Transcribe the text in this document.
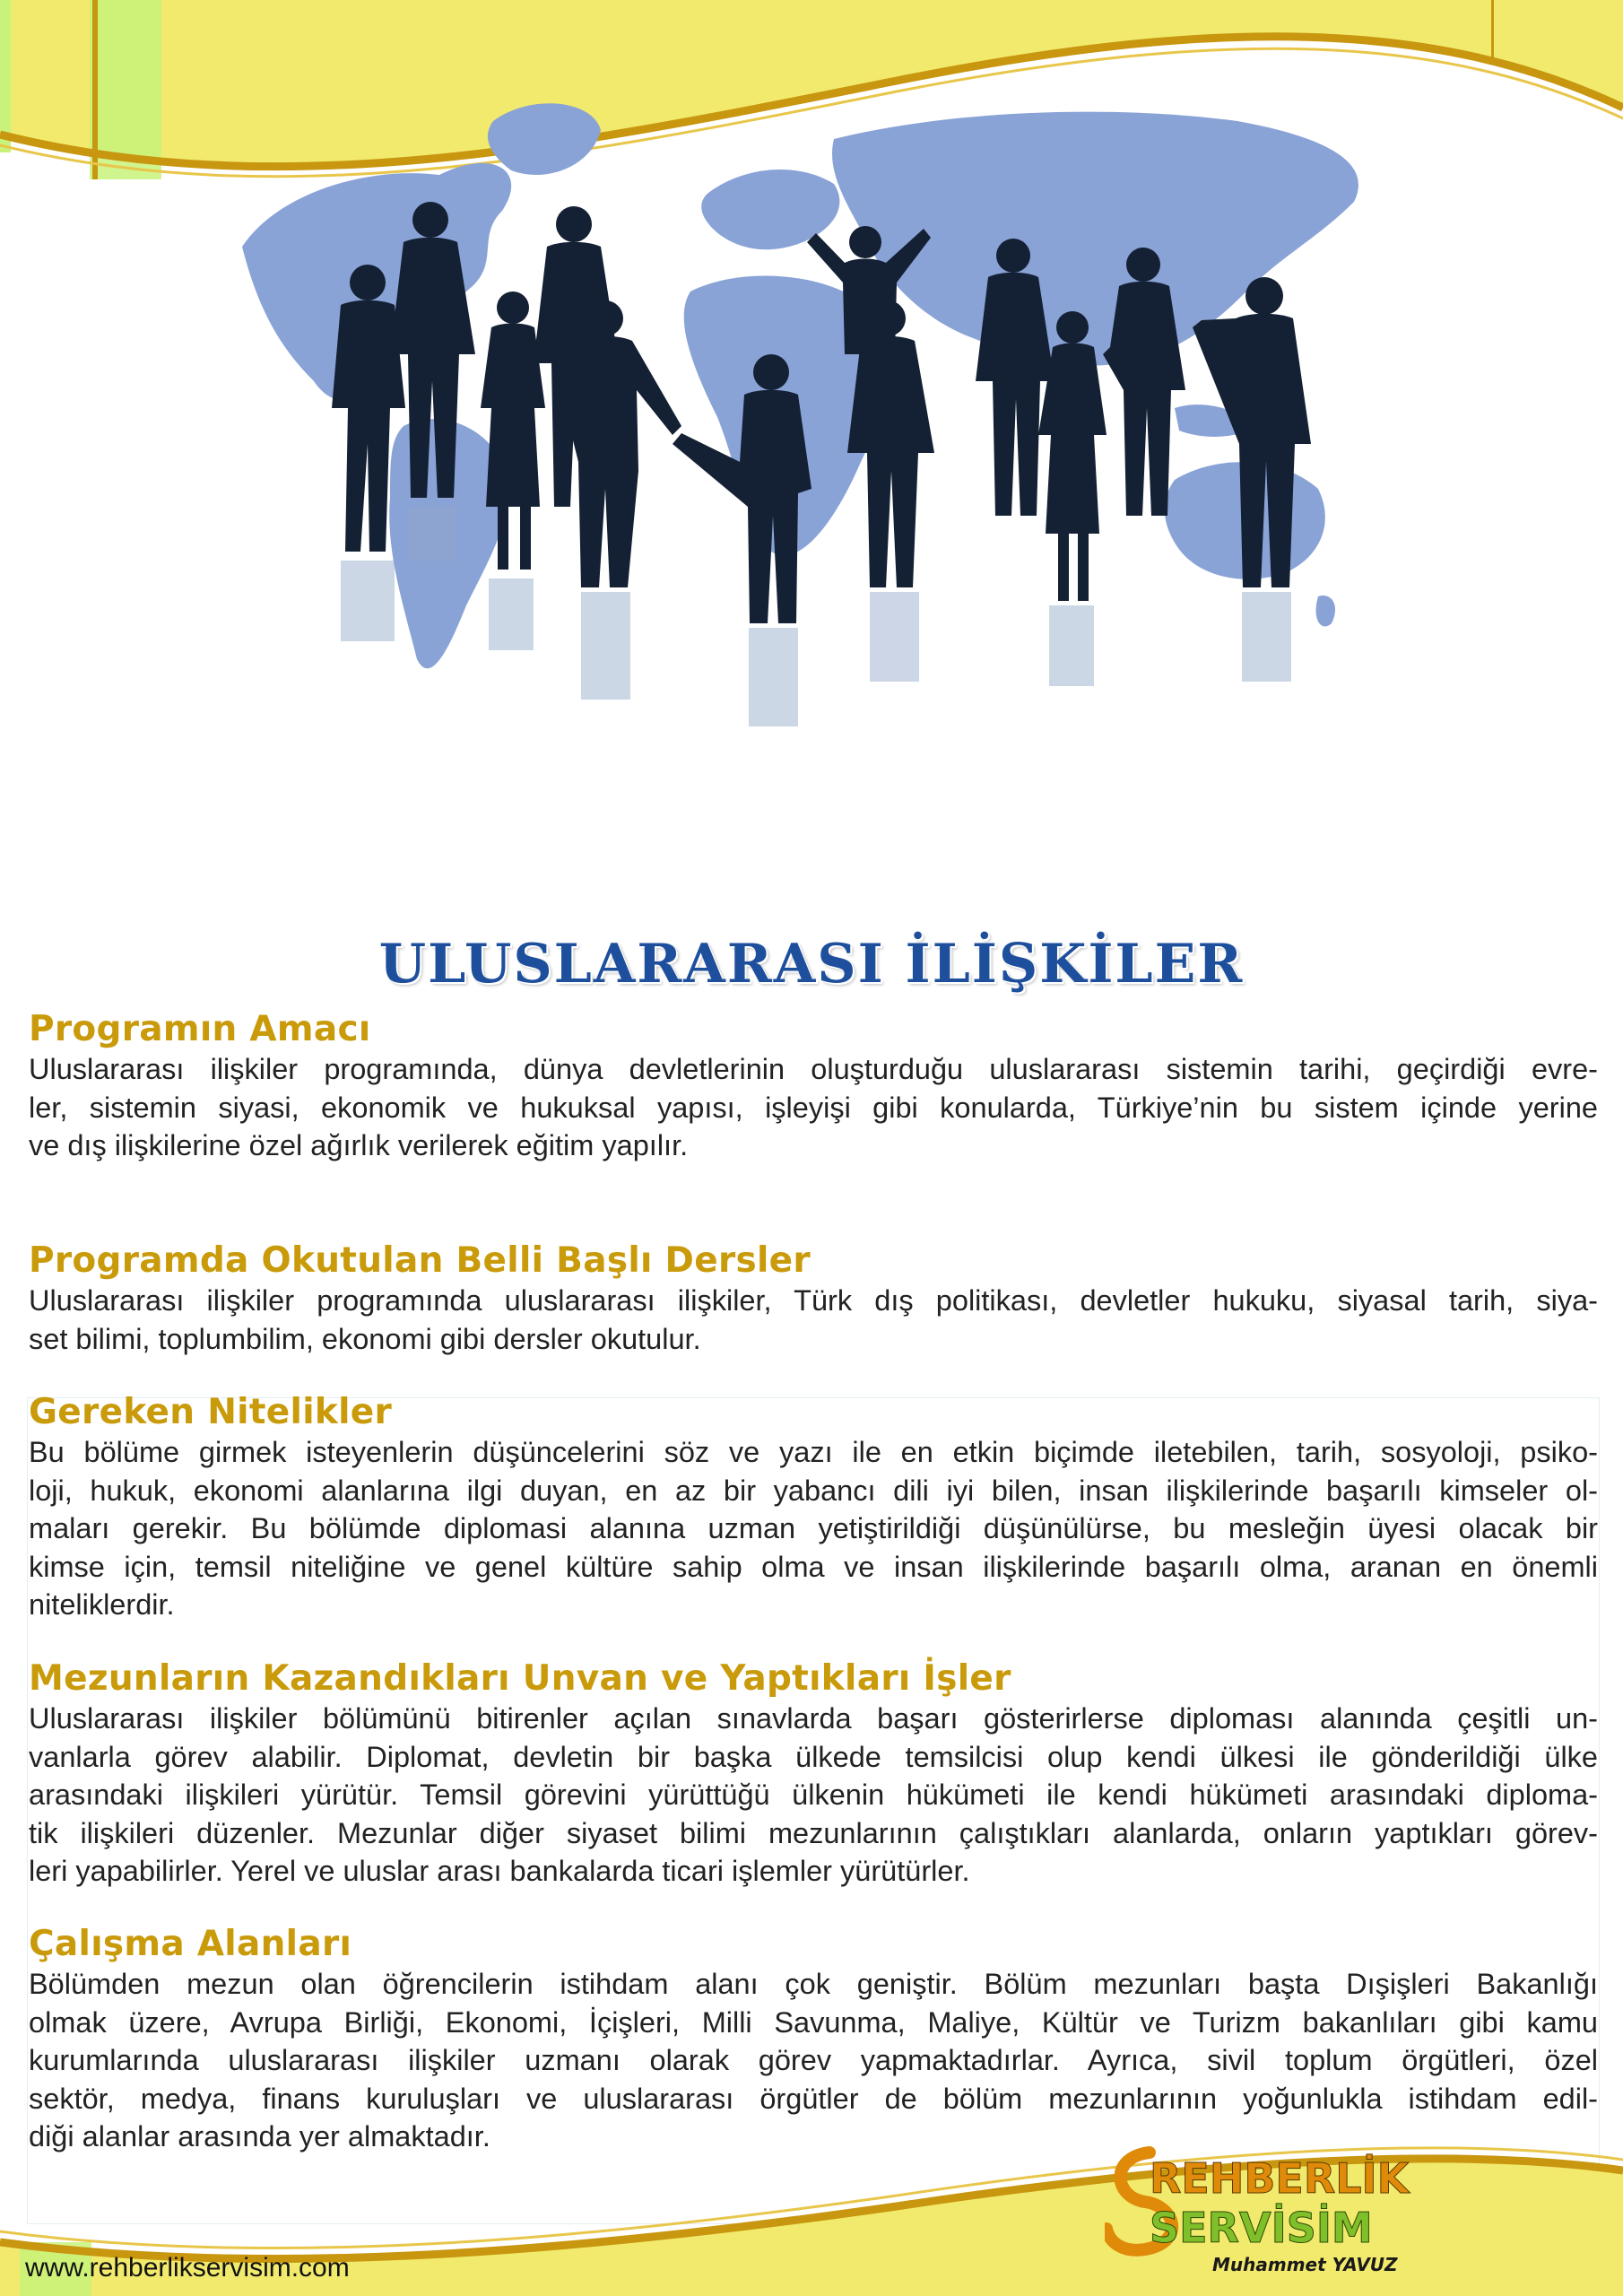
ULUSLARARASI İLİŞKİLER
Programın Amacı

Uluslararası ilişkiler programında, dünya devletlerinin oluşturduğu uluslararası sistemin tarihi, geçirdiği evre-
ler, sistemin siyasi, ekonomik ve hukuksal yapısı, işleyişi gibi konularda, Türkiye’nin bu sistem içinde yerine
ve dış ilişkilerine özel ağırlık verilerek eğitim yapılır.

Programda Okutulan Belli Başlı Dersler

Uluslararası ilişkiler programında uluslararası ilişkiler, Türk dış politikası, devletler hukuku, siyasal tarih, siya-
set bilimi, toplumbilim, ekonomi gibi dersler okutulur.

Gereken Nitelikler

Bu bölüme girmek isteyenlerin düşüncelerini söz ve yazı ile en etkin biçimde iletebilen, tarih, sosyoloji, psiko-
loji, hukuk, ekonomi alanlarına ilgi duyan, en az bir yabancı dili iyi bilen, insan ilişkilerinde başarılı kimseler ol-
maları gerekir. Bu bölümde diplomasi alanına uzman yetiştirildiği düşünülürse, bu mesleğin üyesi olacak bir
kimse için, temsil niteliğine ve genel kültüre sahip olma ve insan ilişkilerinde başarılı olma, aranan en önemli
niteliklerdir.

Mezunların Kazandıkları Unvan ve Yaptıkları İşler

Uluslararası ilişkiler bölümünü bitirenler açılan sınavlarda başarı gösterirlerse diploması alanında çeşitli un-
vanlarla görev alabilir. Diplomat, devletin bir başka ülkede temsilcisi olup kendi ülkesi ile gönderildiği ülke
arasındaki ilişkileri yürütür. Temsil görevini yürüttüğü ülkenin hükümeti ile kendi hükümeti arasındaki diploma-
tik ilişkileri düzenler. Mezunlar diğer siyaset bilimi mezunlarının çalıştıkları alanlarda, onların yaptıkları görev-
leri yapabilirler. Yerel ve uluslar arası bankalarda ticari işlemler yürütürler.

Çalışma Alanları

Bölümden mezun olan öğrencilerin istihdam alanı çok geniştir. Bölüm mezunları başta Dışişleri Bakanlığı
olmak üzere, Avrupa Birliği, Ekonomi, İçişleri, Milli Savunma, Maliye, Kültür ve Turizm bakanlıları gibi kamu
kurumlarında uluslararası ilişkiler uzmanı olarak görev yapmaktadırlar. Ayrıca, sivil toplum örgütleri, özel
sektör, medya, finans kuruluşları ve uluslararası örgütler de bölüm mezunlarının yoğunlukla istihdam edil-
diği alanlar arasında yer almaktadır.

REHBERLİK
SERVİSİM
Muhammet YAVUZ
www.rehberlikservisim.com
